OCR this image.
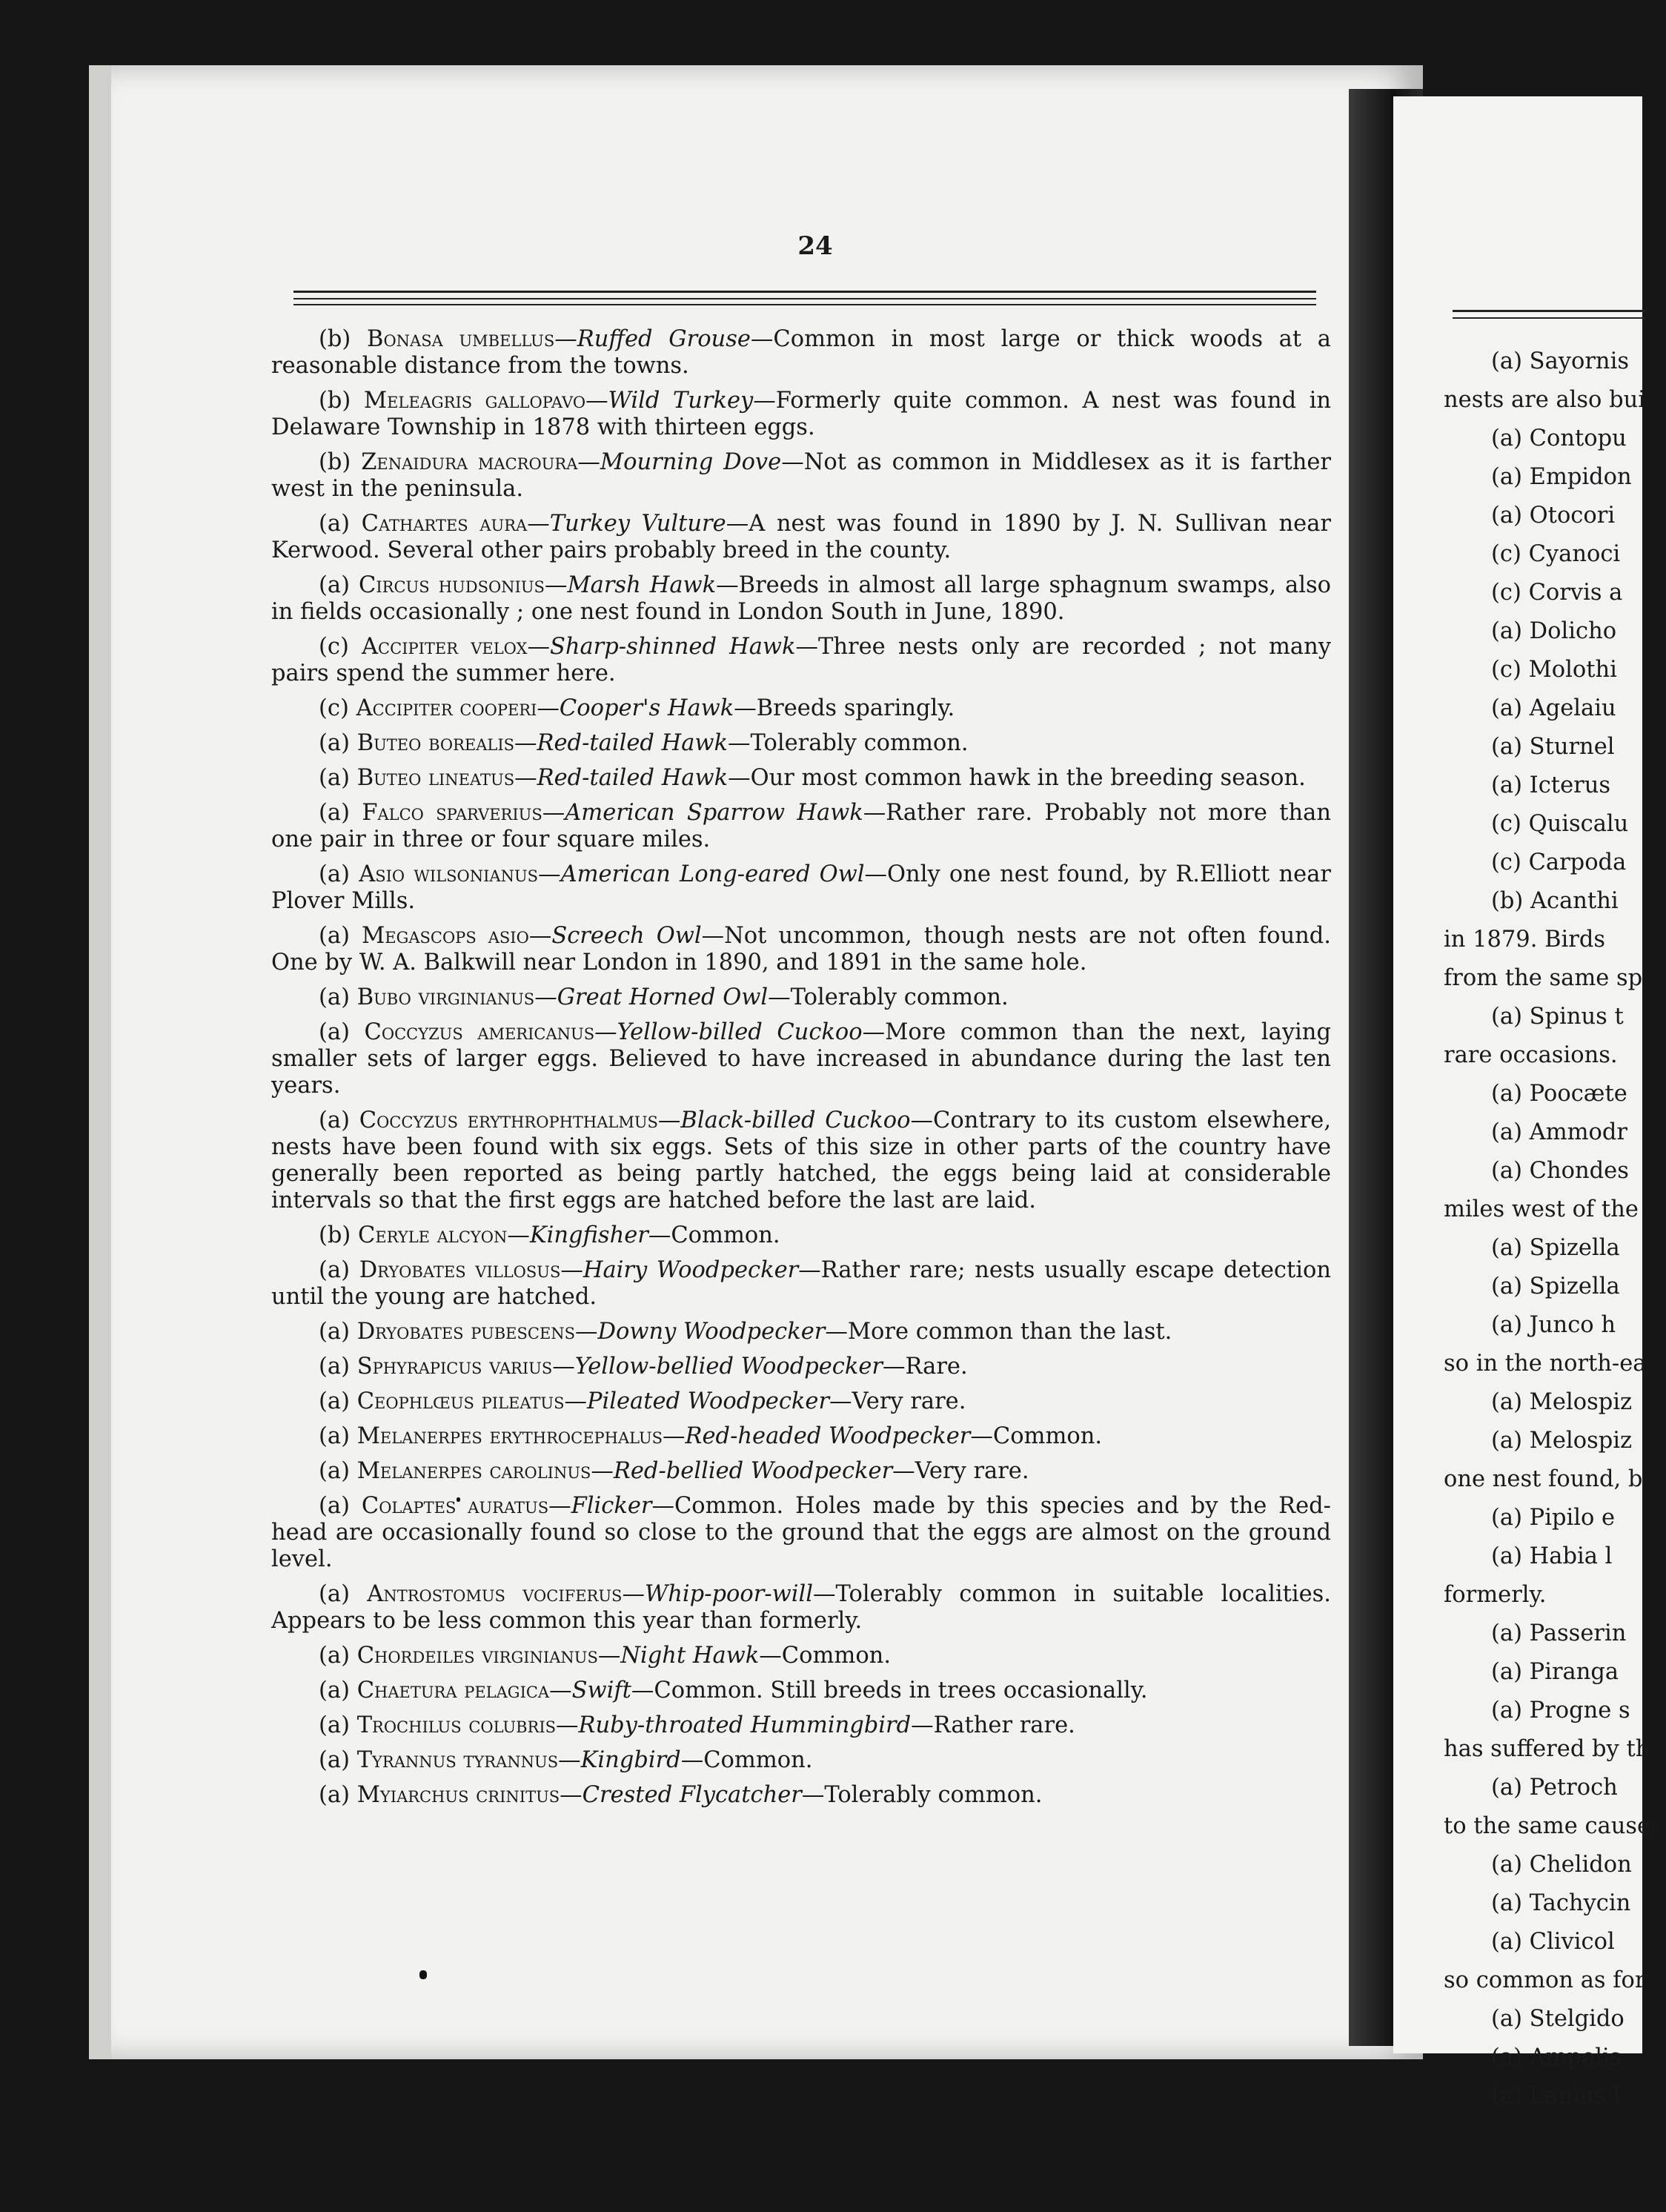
(a) Sayornis
nests are also bui
(a) Contopu
(a) Empidon
(a) Otocori
(c) Cyanoci
(c) Corvis a
(a) Dolicho
(c) Molothi
(a) Agelaiu
(a) Sturnel
(a) Icterus
(c) Quiscalu
(c) Carpoda
(b) Acanthi
in 1879. Birds
from the same sp
(a) Spinus t
rare occasions.
(a) Poocæte
(a) Ammodr
(a) Chondes
miles west of the
(a) Spizella
(a) Spizella
(a) Junco h
so in the north-ea
(a) Melospiz
(a) Melospiz
one nest found, b
(a) Pipilo e
(a) Habia l
formerly.
(a) Passerin
(a) Piranga
(a) Progne s
has suffered by th
(a) Petroch
to the same cause,
(a) Chelidon
(a) Tachycin
(a) Clivicol
so common as for
(a) Stelgido
(a) Ampelis
(a) Lanius l
24
(b) Bonasa umbellus—Ruffed Grouse—Common in most large or thick woods at a reasonable distance from the towns.
(b) Meleagris gallopavo—Wild Turkey—Formerly quite common. A nest was found in Delaware Township in 1878 with thirteen eggs.
(b) Zenaidura macroura—Mourning Dove—Not as common in Middlesex as it is farther west in the peninsula.
(a) Cathartes aura—Turkey Vulture—A nest was found in 1890 by J. N. Sullivan near Kerwood. Several other pairs probably breed in the county.
(a) Circus hudsonius—Marsh Hawk—Breeds in almost all large sphagnum swamps, also in fields occasionally ; one nest found in London South in June, 1890.
(c) Accipiter velox—Sharp-shinned Hawk—Three nests only are recorded ; not many pairs spend the summer here.
(c) Accipiter cooperi—Cooper's Hawk—Breeds sparingly.
(a) Buteo borealis—Red-tailed Hawk—Tolerably common.
(a) Buteo lineatus—Red-tailed Hawk—Our most common hawk in the breeding season.
(a) Falco sparverius—American Sparrow Hawk—Rather rare. Probably not more than one pair in three or four square miles.
(a) Asio wilsonianus—American Long-eared Owl—Only one nest found, by R.Elliott near Plover Mills.
(a) Megascops asio—Screech Owl—Not uncommon, though nests are not often found. One by W. A. Balkwill near London in 1890, and 1891 in the same hole.
(a) Bubo virginianus—Great Horned Owl—Tolerably common.
(a) Coccyzus americanus—Yellow-billed Cuckoo—More common than the next, laying smaller sets of larger eggs. Believed to have increased in abundance during the last ten years.
(a) Coccyzus erythrophthalmus—Black-billed Cuckoo—Contrary to its custom elsewhere, nests have been found with six eggs. Sets of this size in other parts of the country have generally been reported as being partly hatched, the eggs being laid at considerable intervals so that the first eggs are hatched before the last are laid.
(b) Ceryle alcyon—Kingfisher—Common.
(a) Dryobates villosus—Hairy Woodpecker—Rather rare; nests usually escape detection until the young are hatched.
(a) Dryobates pubescens—Downy Woodpecker—More common than the last.
(a) Sphyrapicus varius—Yellow-bellied Woodpecker—Rare.
(a) Ceophlœus pileatus—Pileated Woodpecker—Very rare.
(a) Melanerpes erythrocephalus—Red-headed Woodpecker—Common.
(a) Melanerpes carolinus—Red-bellied Woodpecker—Very rare.
(a) Colaptes auratus—Flicker—Common. Holes made by this species and by the Red-head are occasionally found so close to the ground that the eggs are almost on the ground level.
(a) Antrostomus vociferus—Whip-poor-will—Tolerably common in suitable localities. Appears to be less common this year than formerly.
(a) Chordeiles virginianus—Night Hawk—Common.
(a) Chaetura pelagica—Swift—Common. Still breeds in trees occasionally.
(a) Trochilus colubris—Ruby-throated Hummingbird—Rather rare.
(a) Tyrannus tyrannus—Kingbird—Common.
(a) Myiarchus crinitus—Crested Flycatcher—Tolerably common.
